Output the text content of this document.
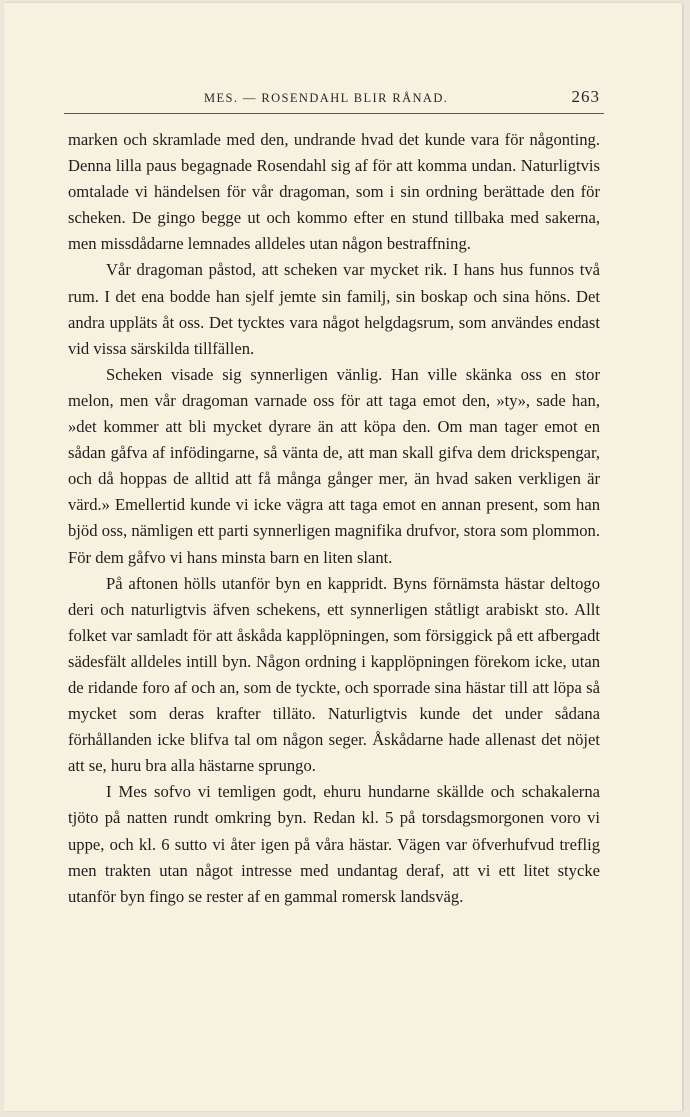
MES. — ROSENDAHL BLIR RÅNAD.	263

marken och skramlade med den, undrande hvad det kunde vara för någonting. Denna lilla paus begagnade Rosendahl sig af för att komma undan. Naturligtvis omtalade vi händelsen för vår dragoman, som i sin ordning berättade den för scheken. De gingo begge ut och kommo efter en stund tillbaka med sakerna, men missdådarne lemnades alldeles utan någon bestraffning.

Vår dragoman påstod, att scheken var mycket rik. I hans hus funnos två rum. I det ena bodde han sjelf jemte sin familj, sin boskap och sina höns. Det andra uppläts åt oss. Det tycktes vara något helgdagsrum, som användes endast vid vissa särskilda tillfällen.

Scheken visade sig synnerligen vänlig. Han ville skänka oss en stor melon, men vår dragoman varnade oss för att taga emot den, »ty», sade han, »det kommer att bli mycket dyrare än att köpa den. Om man tager emot en sådan gåfva af infödingarne, så vänta de, att man skall gifva dem drickspengar, och då hoppas de alltid att få många gånger mer, än hvad saken verkligen är värd.» Emellertid kunde vi icke vägra att taga emot en annan present, som han bjöd oss, nämligen ett parti synnerligen magnifika drufvor, stora som plommon. För dem gåfvo vi hans minsta barn en liten slant.

På aftonen hölls utanför byn en kappridt. Byns förnämsta hästar deltogo deri och naturligtvis äfven schekens, ett synnerligen ståtligt arabiskt sto. Allt folket var samladt för att åskåda kapplöpningen, som försiggick på ett afbergadt sädesfält alldeles intill byn. Någon ordning i kapplöpningen förekom icke, utan de ridande foro af och an, som de tyckte, och sporrade sina hästar till att löpa så mycket som deras krafter tilläto. Naturligtvis kunde det under sådana förhållanden icke blifva tal om någon seger. Åskådarne hade allenast det nöjet att se, huru bra alla hästarne sprungo.

I Mes sofvo vi temligen godt, ehuru hundarne skällde och schakalerna tjöto på natten rundt omkring byn. Redan kl. 5 på torsdagsmorgonen voro vi uppe, och kl. 6 sutto vi åter igen på våra hästar. Vägen var öfverhufvud treflig men trakten utan något intresse med undantag deraf, att vi ett litet stycke utanför byn fingo se rester af en gammal romersk landsväg.
